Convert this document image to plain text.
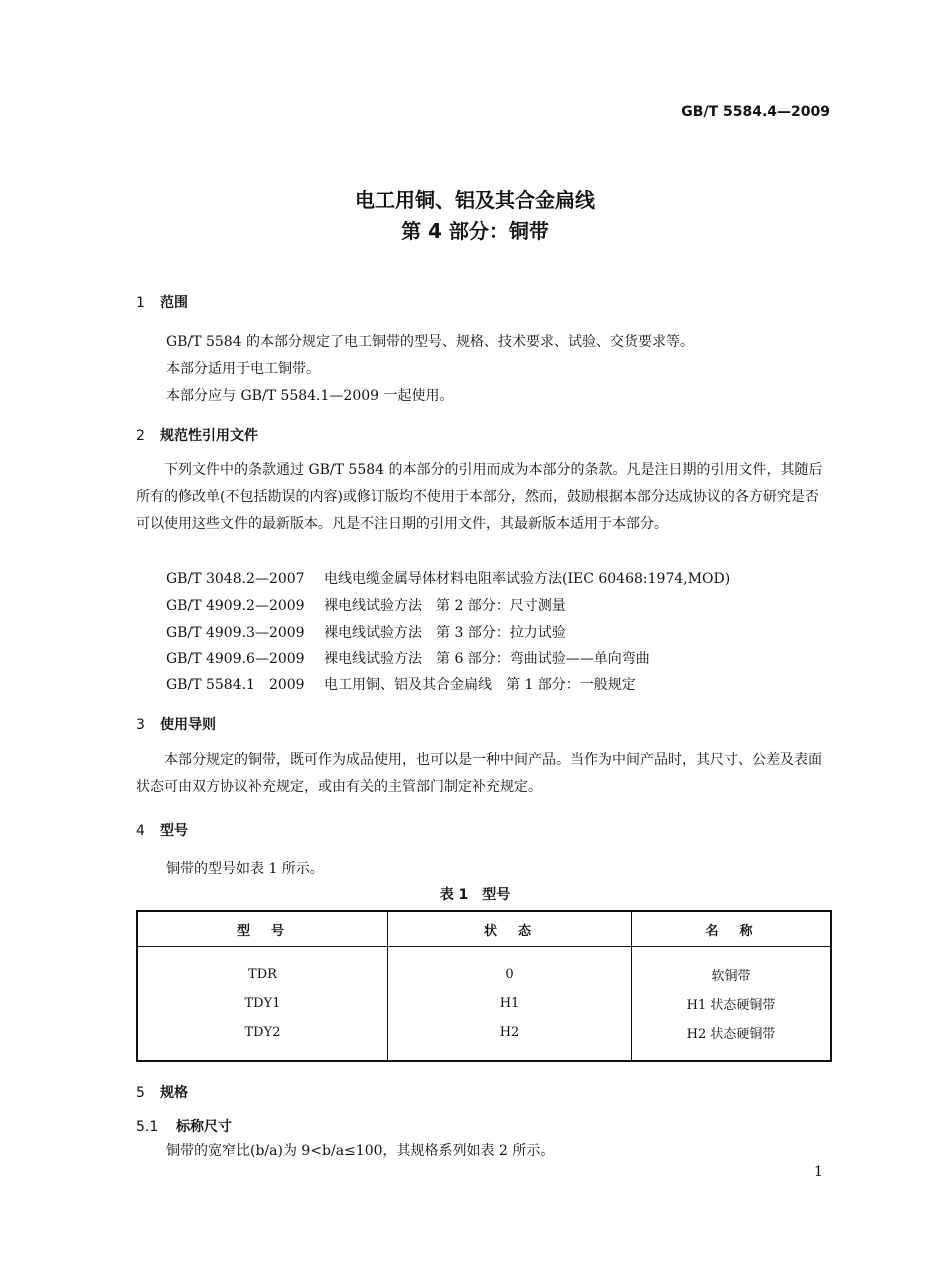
GB/T 5584.4—2009
电工用铜、铝及其合金扁线
第 4 部分：铜带
1 范围
GB/T 5584 的本部分规定了电工铜带的型号、规格、技术要求、试验、交货要求等。
本部分适用于电工铜带。
本部分应与 GB/T 5584.1—2009 一起使用。
2 规范性引用文件
下列文件中的条款通过 GB/T 5584 的本部分的引用而成为本部分的条款。凡是注日期的引用文件，其随后所有的修改单(不包括勘误的内容)或修订版均不使用于本部分，然而，鼓励根据本部分达成协议的各方研究是否可以使用这些文件的最新版本。凡是不注日期的引用文件，其最新版本适用于本部分。
GB/T 3048.2—2007 电线电缆金属导体材料电阻率试验方法(IEC 60468:1974,MOD)
GB/T 4909.2—2009 裸电线试验方法　第 2 部分：尺寸测量
GB/T 4909.3—2009 裸电线试验方法　第 3 部分：拉力试验
GB/T 4909.6—2009 裸电线试验方法　第 6 部分：弯曲试验——单向弯曲
GB/T 5584.1　2009 电工用铜、铝及其合金扁线　第 1 部分：一般规定
3 使用导则
本部分规定的铜带，既可作为成品使用，也可以是一种中间产品。当作为中间产品时，其尺寸、公差及表面状态可由双方协议补充规定，或由有关的主管部门制定补充规定。
4 型号
铜带的型号如表 1 所示。
表 1　型号
型　号	状　态	名　称
TDR	0	软铜带
TDY1	H1	H1 状态硬铜带
TDY2	H2	H2 状态硬铜带
5 规格
5.1 标称尺寸
铜带的宽窄比(b/a)为 9<b/a≤100，其规格系列如表 2 所示。
1
